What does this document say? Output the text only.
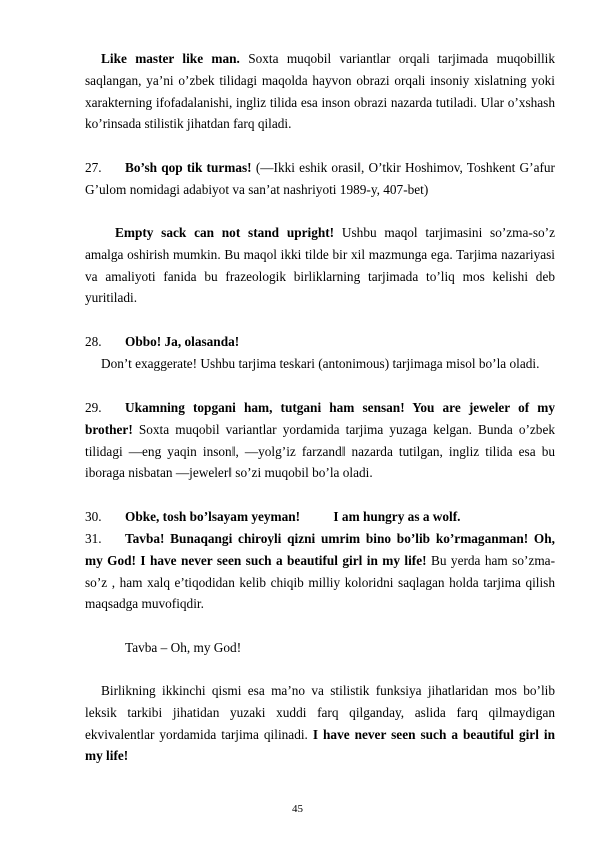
Like master like man. Soxta muqobil variantlar orqali tarjimada muqobillik saqlangan, ya’ni o’zbek tilidagi maqolda hayvon obrazi orqali insoniy xislatning yoki xarakterning ifofadalanishi, ingliz tilida esa inson obrazi nazarda tutiladi. Ular o’xshash ko’rinsada stilistik jihatdan farq qiladi.

27. Bo’sh qop tik turmas! (―Ikki eshik orasi‖, O’tkir Hoshimov, Toshkent G’afur G’ulom nomidagi adabiyot va san’at nashriyoti 1989-y, 407-bet)

Empty sack can not stand upright! Ushbu maqol tarjimasini so’zma-so’z amalga oshirish mumkin. Bu maqol ikki tilde bir xil mazmunga ega. Tarjima nazariyasi va amaliyoti fanida bu frazeologik birliklarning tarjimada to’liq mos kelishi deb yuritiladi.

28. Obbo! Ja, olasanda!

Don’t exaggerate! Ushbu tarjima teskari (antonimous) tarjimaga misol bo’la oladi.

29. Ukamning topgani ham, tutgani ham sensan! You are jeweler of my brother! Soxta muqobil variantlar yordamida tarjima yuzaga kelgan. Bunda o’zbek tilidagi ―eng yaqin inson‖, ―yolg’iz farzand‖ nazarda tutilgan, ingliz tilida esa bu iboraga nisbatan ―jeweler‖ so’zi muqobil bo’la oladi.

30. Obke, tosh bo’lsayam yeyman!	I am hungry as a wolf.

31. Tavba! Bunaqangi chiroyli qizni umrim bino bo’lib ko’rmaganman! Oh, my God! I have never seen such a beautiful girl in my life! Bu yerda ham so’zma-so’z , ham xalq e’tiqodidan kelib chiqib milliy koloridni saqlagan holda tarjima qilish maqsadga muvofiqdir.

Tavba – Oh, my God!

Birlikning ikkinchi qismi esa ma’no va stilistik funksiya jihatlaridan mos bo’lib leksik tarkibi jihatidan yuzaki xuddi farq qilganday, aslida farq qilmaydigan ekvivalentlar yordamida tarjima qilinadi. I have never seen such a beautiful girl in my life!

45
